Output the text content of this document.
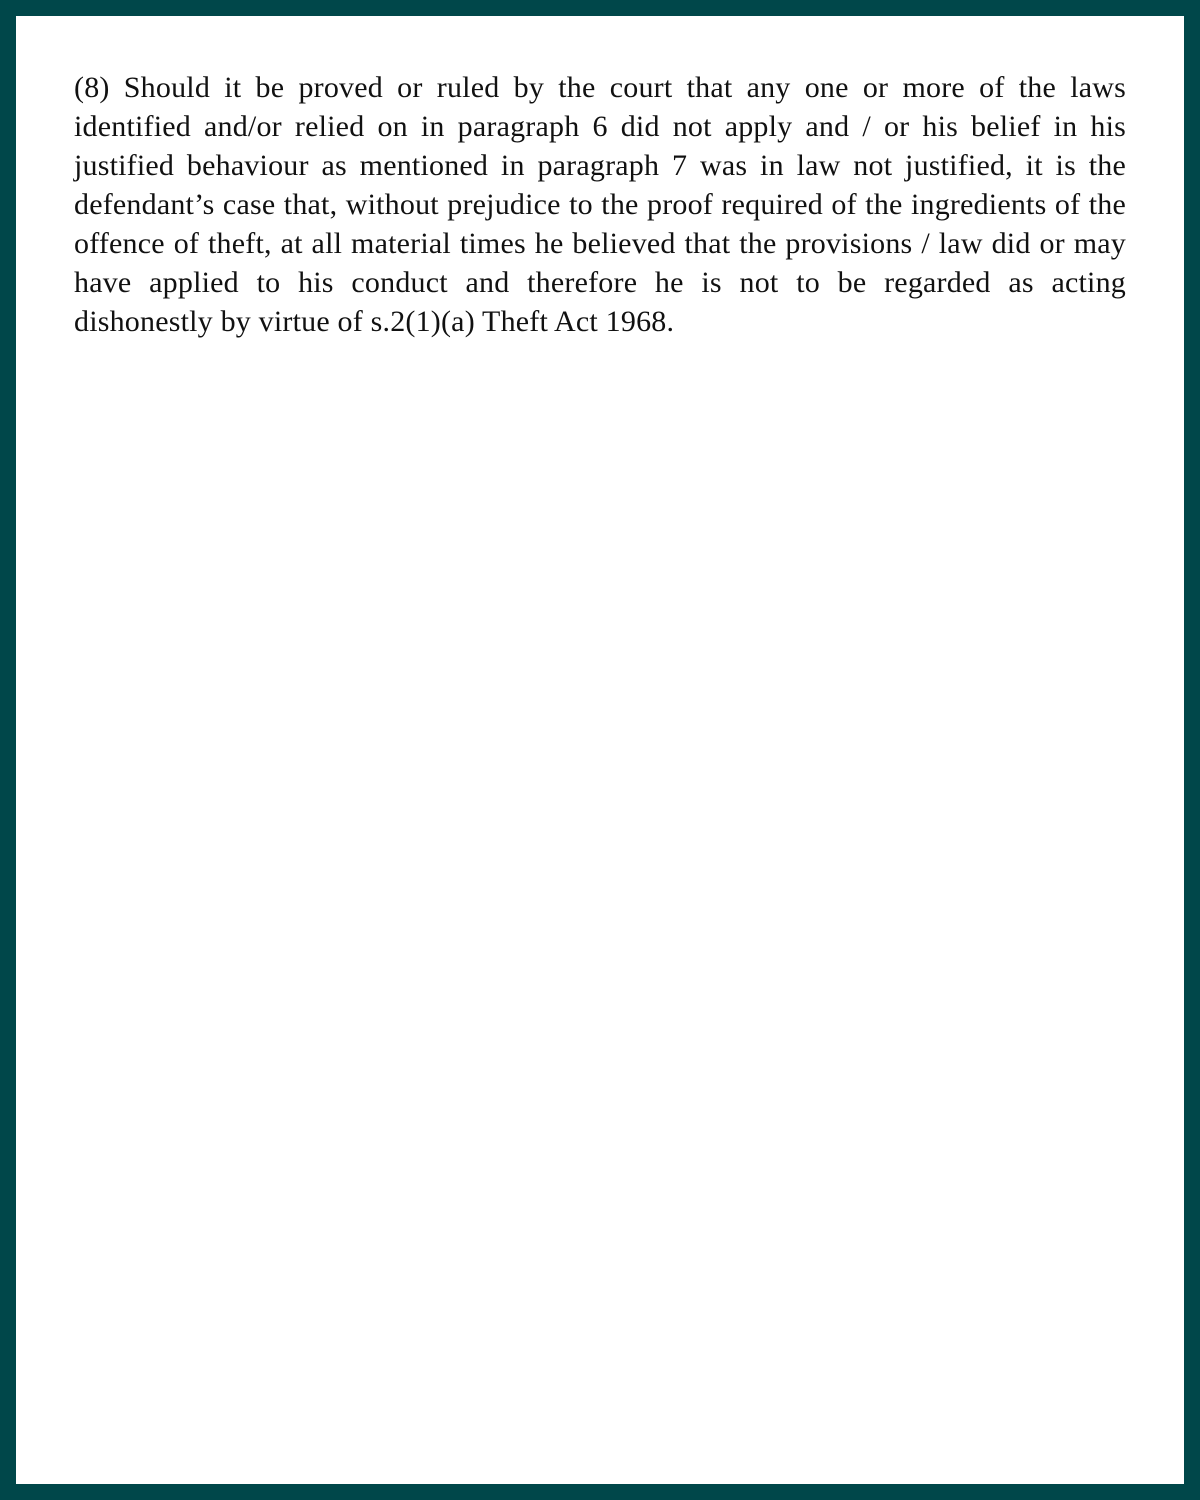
(8) Should it be proved or ruled by the court that any one or more of the laws identified and/or relied on in paragraph 6 did not apply and / or his belief in his justified behaviour as mentioned in paragraph 7 was in law not justified, it is the defendant’s case that, without prejudice to the proof required of the ingredients of the offence of theft, at all material times he believed that the provisions / law did or may have applied to his conduct and therefore he is not to be regarded as acting dishonestly by virtue of s.2(1)(a) Theft Act 1968.
